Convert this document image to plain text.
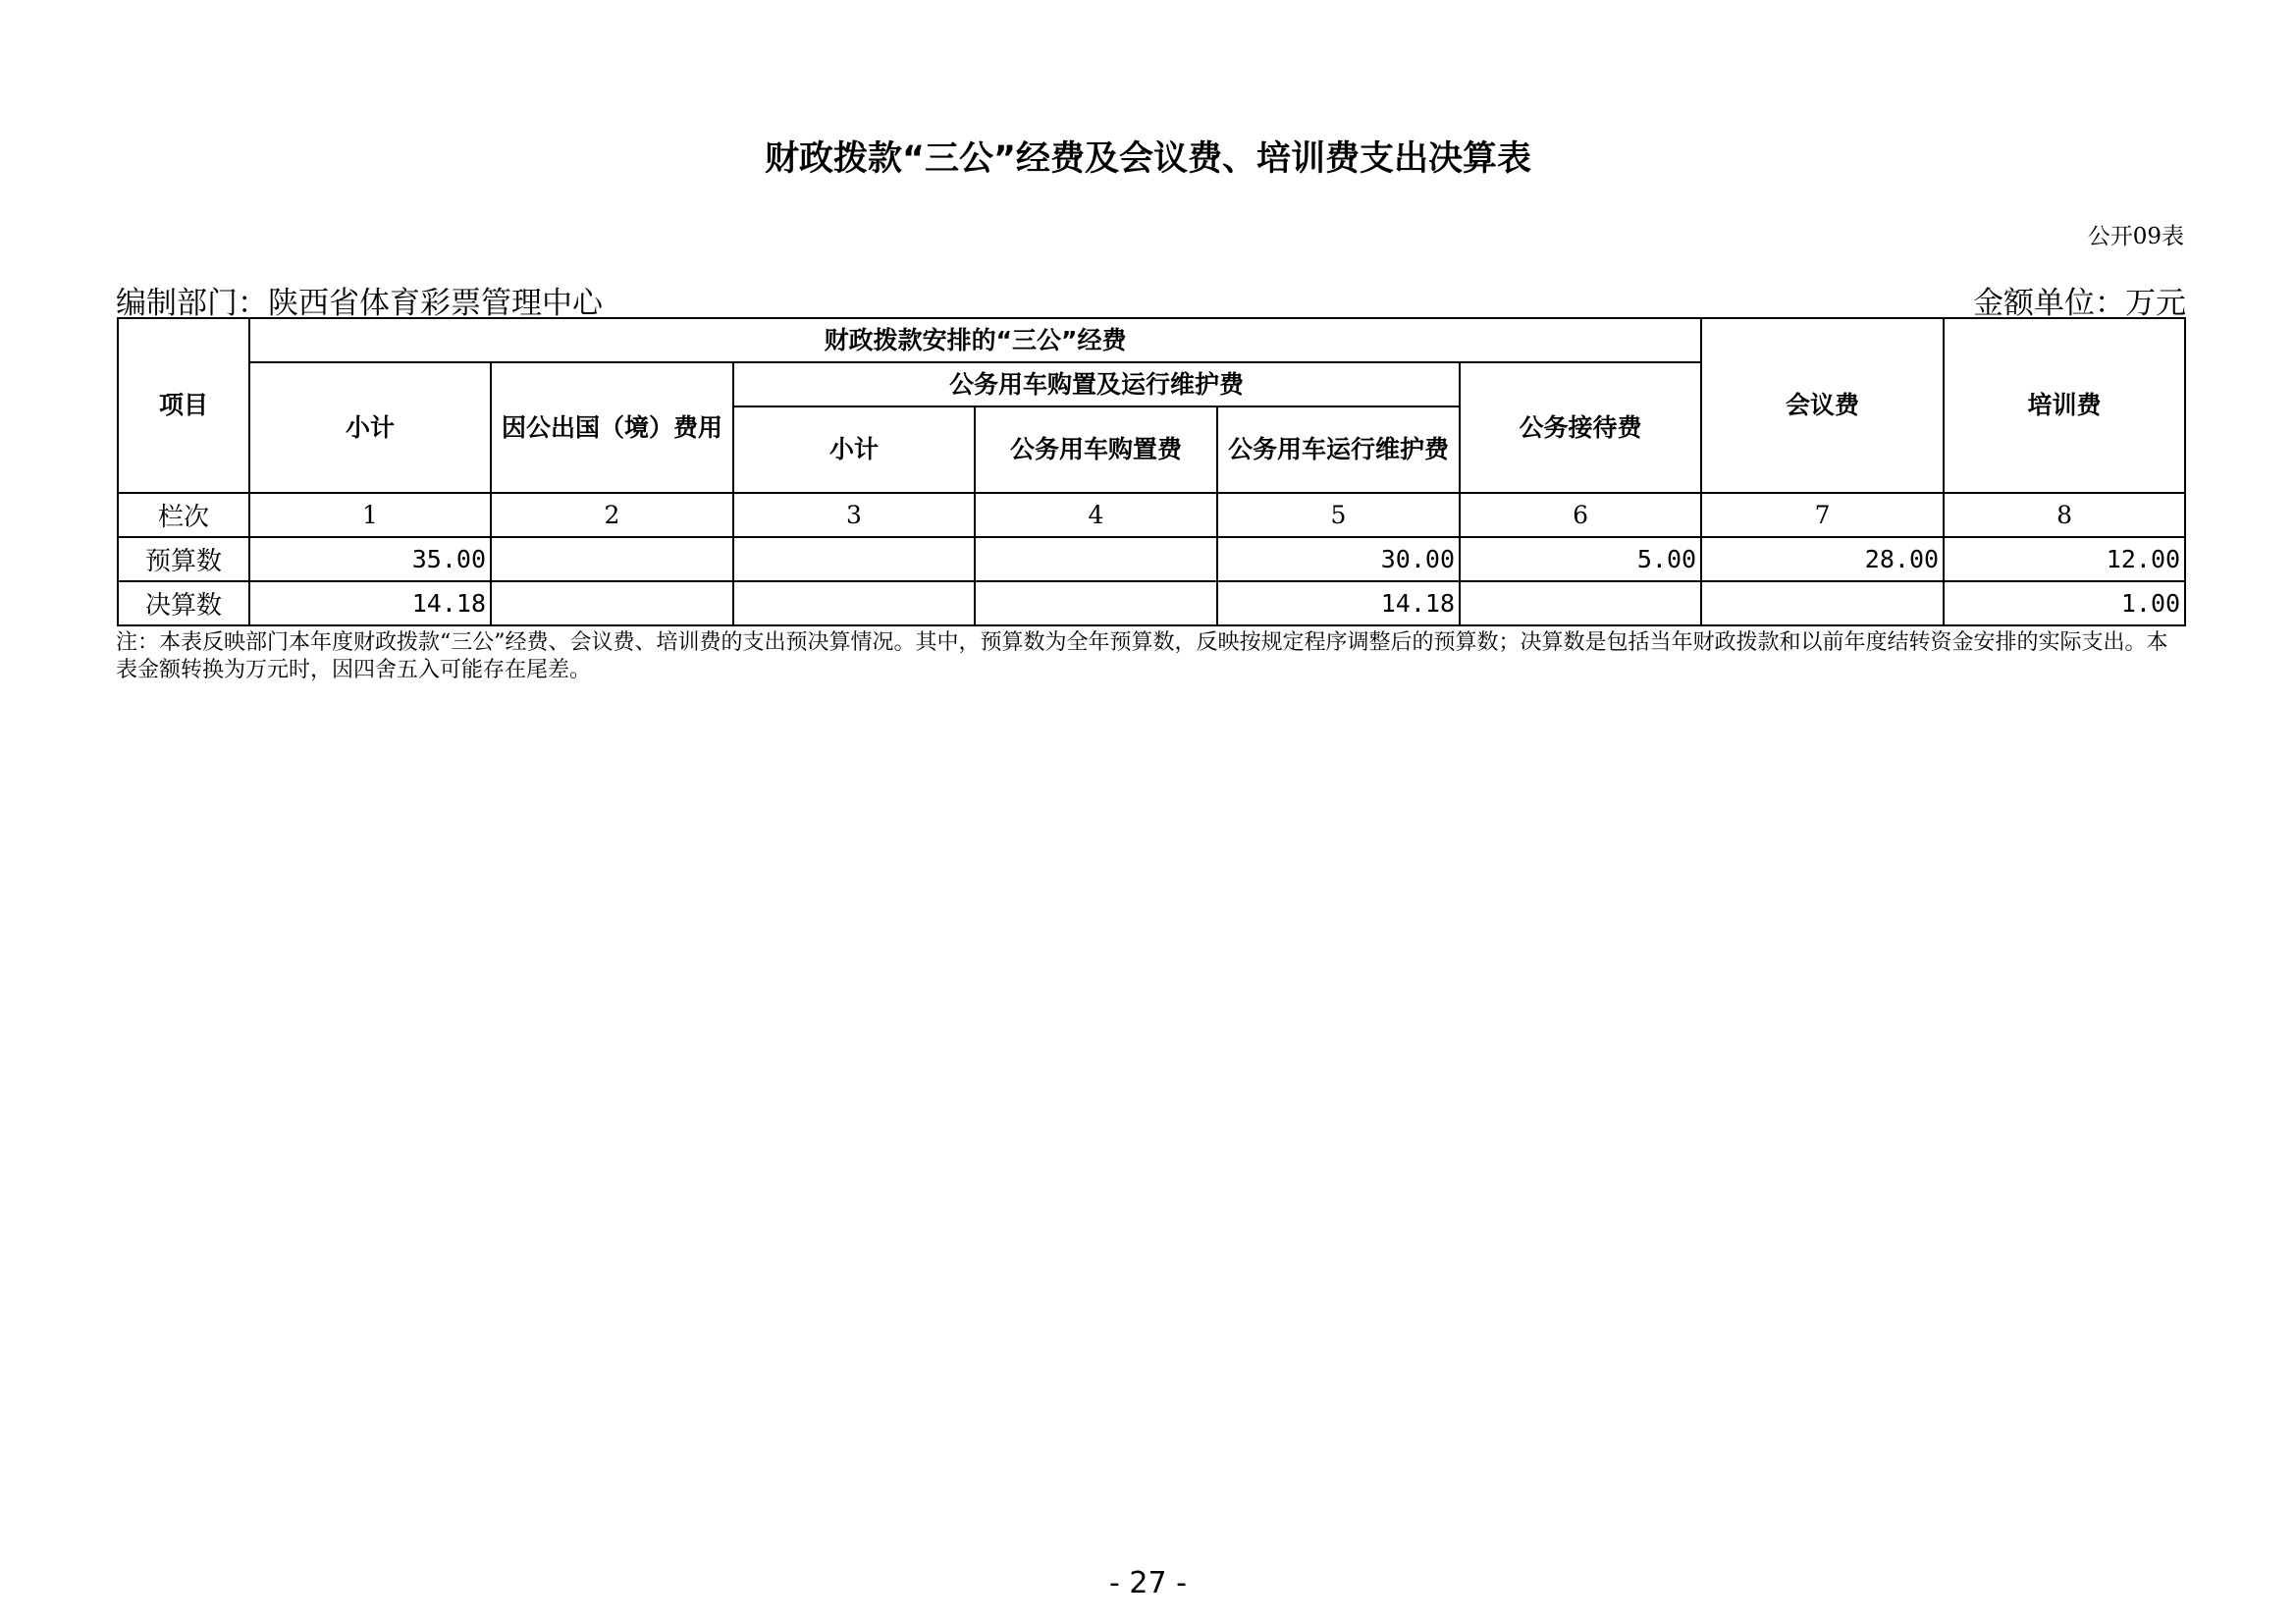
财政拨款“三公”经费及会议费、培训费支出决算表
公开09表
编制部门：陕西省体育彩票管理中心	金额单位：万元
项目	财政拨款安排的“三公”经费						会议费	培训费
	小计	因公出国（境）费用	公务用车购置及运行维护费			公务接待费		
			小计	公务用车购置费	公务用车运行维护费			
栏次	1	2	3	4	5	6	7	8
预算数	35.00				30.00	5.00	28.00	12.00
决算数	14.18				14.18			1.00
注：本表反映部门本年度财政拨款“三公”经费、会议费、培训费的支出预决算情况。其中，预算数为全年预算数，反映按规定程序调整后的预算数；决算数是包括当年财政拨款和以前年度结转资金安排的实际支出。本表金额转换为万元时，因四舍五入可能存在尾差。
- 27 -
